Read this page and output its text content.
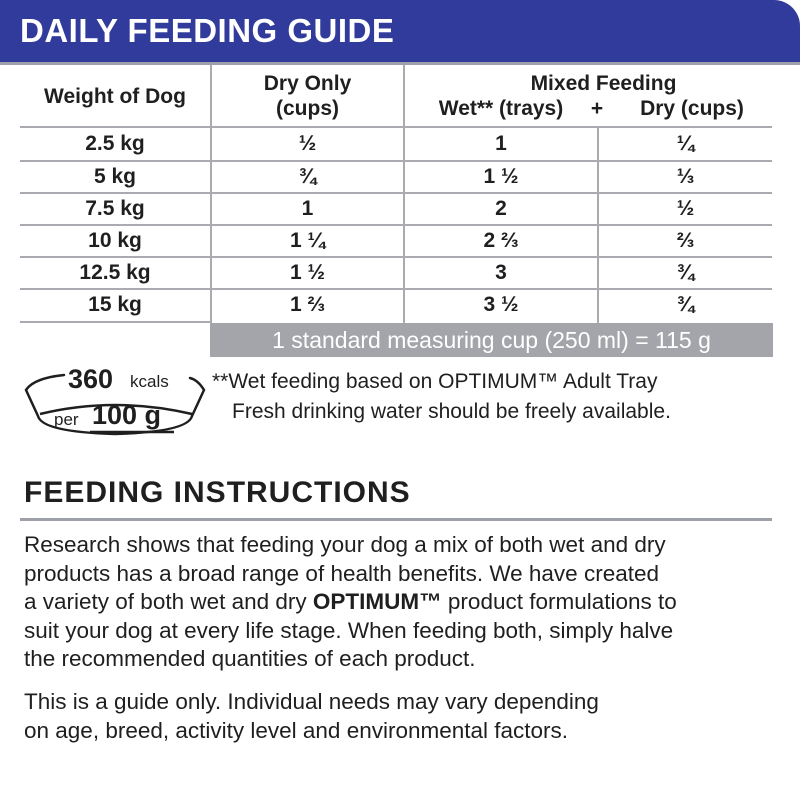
DAILY FEEDING GUIDE
Weight of Dog
Dry Only
(cups)
Mixed Feeding
Wet** (trays)	+	Dry (cups)
2.5 kg	½	1	¼
5 kg	¾	1 ½	⅓
7.5 kg	1	2	½
10 kg	1 ¼	2 ⅔	⅔
12.5 kg	1 ½	3	¾
15 kg	1 ⅔	3 ½	¾
1 standard measuring cup (250 ml) = 115 g
360 kcals
per 100 g
**Wet feeding based on OPTIMUM™ Adult Tray
Fresh drinking water should be freely available.
FEEDING INSTRUCTIONS
Research shows that feeding your dog a mix of both wet and dry
products has a broad range of health benefits. We have created
a variety of both wet and dry OPTIMUM™ product formulations to
suit your dog at every life stage. When feeding both, simply halve
the recommended quantities of each product.
This is a guide only. Individual needs may vary depending
on age, breed, activity level and environmental factors.
